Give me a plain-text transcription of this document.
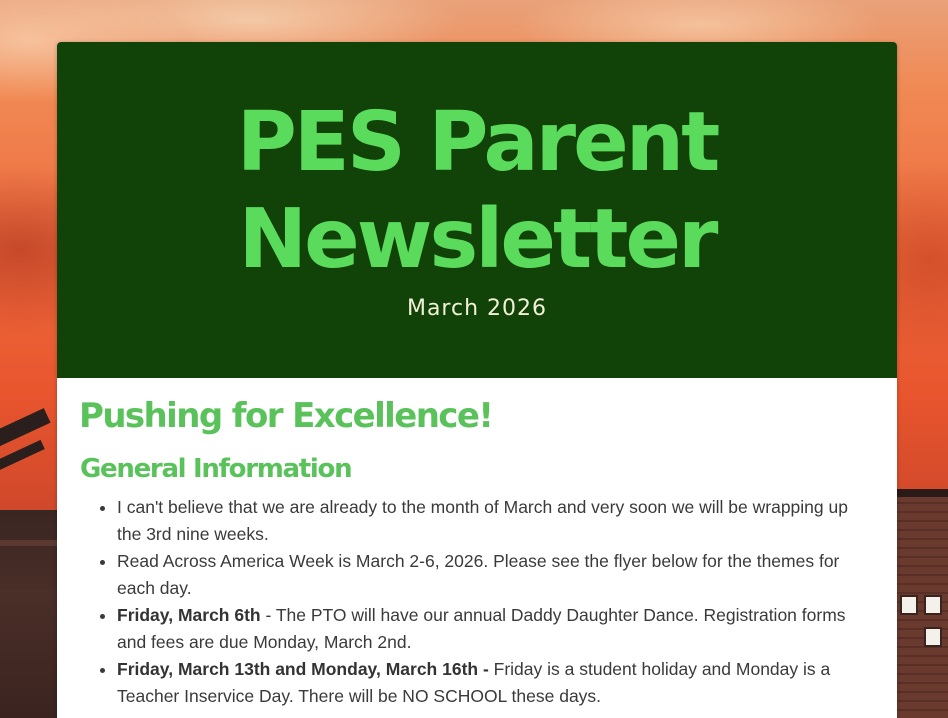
PES Parent
Newsletter
March 2026
Pushing for Excellence!
General Information
• I can't believe that we are already to the month of March and very soon we will be wrapping up the 3rd nine weeks.
• Read Across America Week is March 2-6, 2026. Please see the flyer below for the themes for each day.
• Friday, March 6th - The PTO will have our annual Daddy Daughter Dance. Registration forms and fees are due Monday, March 2nd.
• Friday, March 13th and Monday, March 16th - Friday is a student holiday and Monday is a Teacher Inservice Day. There will be NO SCHOOL these days.
